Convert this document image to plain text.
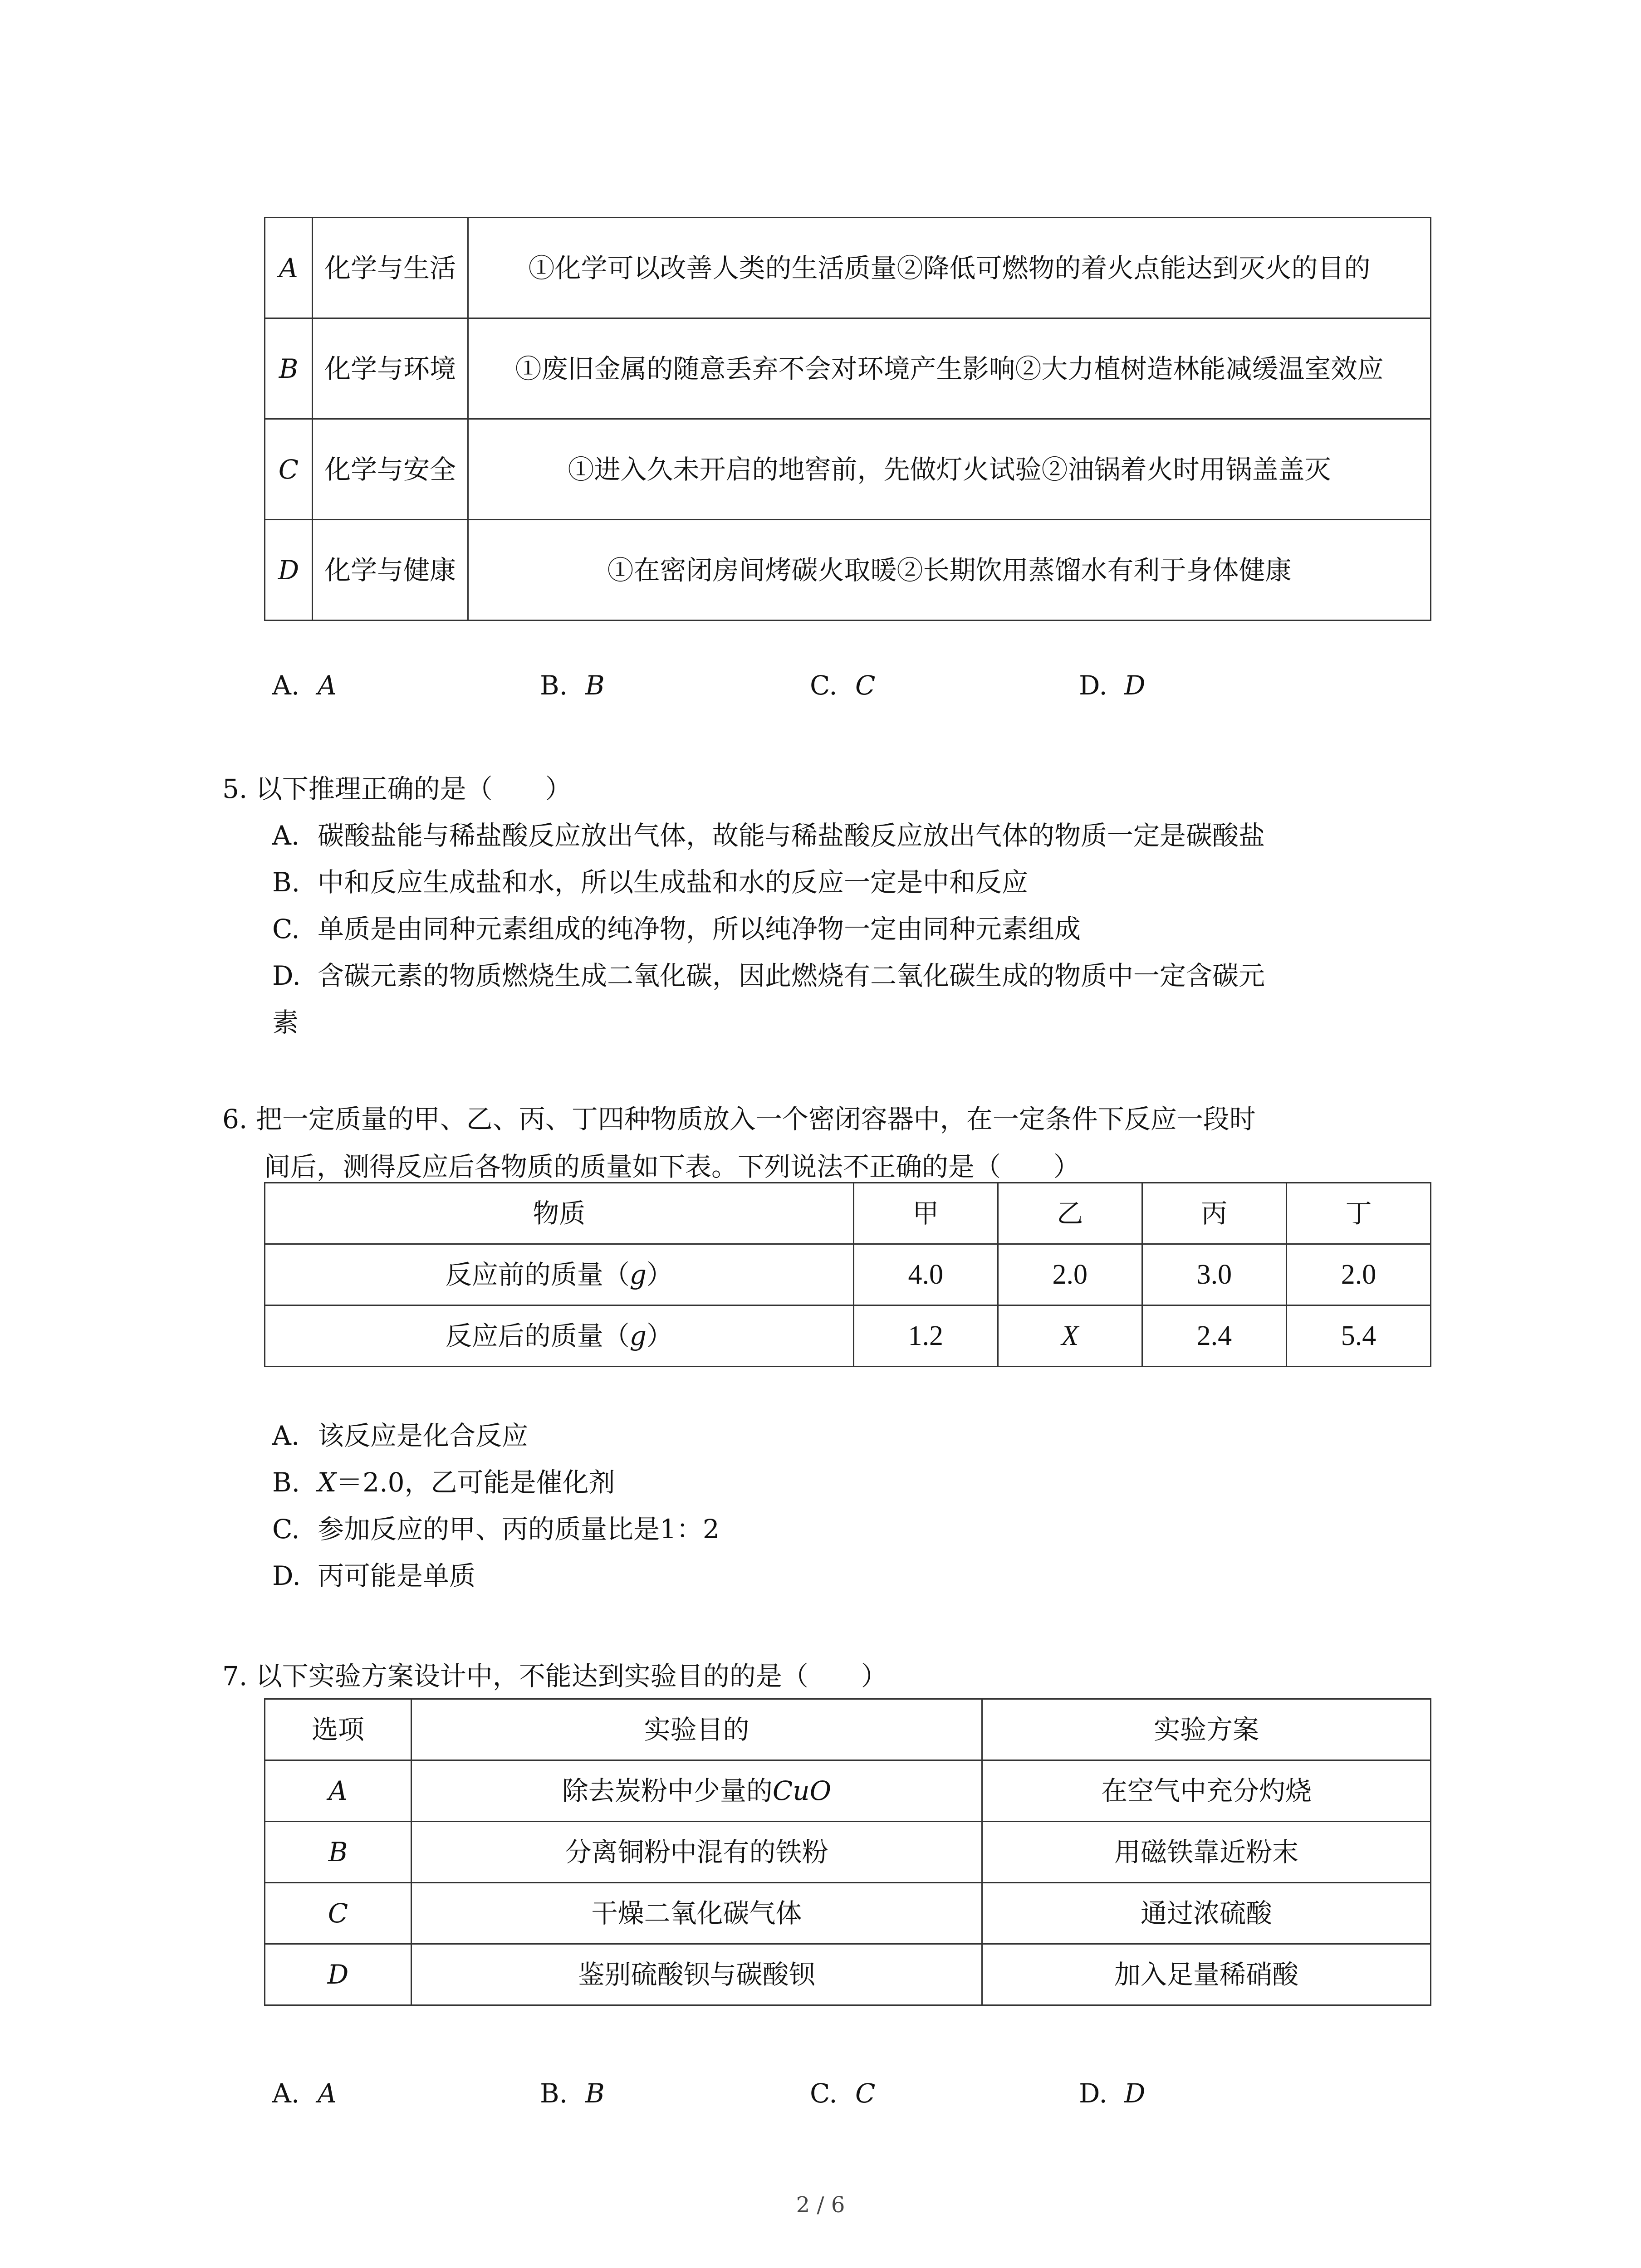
A	化学与生活	①化学可以改善人类的生活质量②降低可燃物的着火点能达到灭火的目的
B	化学与环境	①废旧金属的随意丢弃不会对环境产生影响②大力植树造林能减缓温室效应
C	化学与安全	①进入久未开启的地窖前，先做灯火试验②油锅着火时用锅盖盖灭
D	化学与健康	①在密闭房间烤碳火取暖②长期饮用蒸馏水有利于身体健康
A. A	B. B	C. C	D. D
5. 以下推理正确的是（　　）
A. 碳酸盐能与稀盐酸反应放出气体，故能与稀盐酸反应放出气体的物质一定是碳酸盐
B. 中和反应生成盐和水，所以生成盐和水的反应一定是中和反应
C. 单质是由同种元素组成的纯净物，所以纯净物一定由同种元素组成
D. 含碳元素的物质燃烧生成二氧化碳，因此燃烧有二氧化碳生成的物质中一定含碳元
素
6. 把一定质量的甲、乙、丙、丁四种物质放入一个密闭容器中，在一定条件下反应一段时
间后，测得反应后各物质的质量如下表。下列说法不正确的是（　　）
物质	甲	乙	丙	丁
反应前的质量（g）	4.0	2.0	3.0	2.0
反应后的质量（g）	1.2	X	2.4	5.4
A. 该反应是化合反应
B. X＝2.0，乙可能是催化剂
C. 参加反应的甲、丙的质量比是1：2
D. 丙可能是单质
7. 以下实验方案设计中，不能达到实验目的的是（　　）
选项	实验目的	实验方案
A	除去炭粉中少量的CuO	在空气中充分灼烧
B	分离铜粉中混有的铁粉	用磁铁靠近粉末
C	干燥二氧化碳气体	通过浓硫酸
D	鉴别硫酸钡与碳酸钡	加入足量稀硝酸
A. A	B. B	C. C	D. D
2 / 6
